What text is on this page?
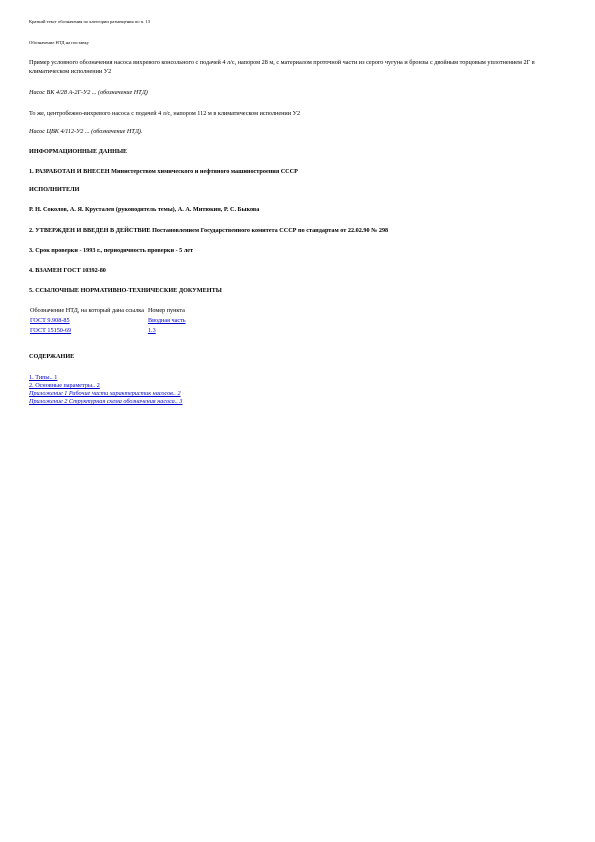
Краткий текст обозначения по категории размещения по п. 13
Обозначение НТД на поставку

Пример условного обозначения насоса вихревого консольного с подачей 4 л/с, напором 28 м, с материалом проточной части из серого чугуна и бронзы с двойным торцовым уплотнением 2Г в климатическом исполнении У2

Насос ВК 4/28 А-2Г-У2 ... (обозначение НТД)

То же, центробежно-вихревого насоса с подачей 4 л/с, напором 112 м в климатическом исполнении У2

Насос ЦВК 4/112-У2 ... (обозначение НТД).

ИНФОРМАЦИОННЫЕ ДАННЫЕ

1. РАЗРАБОТАН И ВНЕСЕН Министерством химического и нефтяного машиностроения СССР

ИСПОЛНИТЕЛИ

Р. Н. Соколов, А. Я. Крусталев (руководитель темы), А. А. Митюкин, Р. С. Быкова

2. УТВЕРЖДЕН И ВВЕДЕН В ДЕЙСТВИЕ Постановлением Государственного комитета СССР по стандартам от 22.02.90 № 298

3. Срок проверки - 1993 г., периодичность проверки - 5 лет

4. ВЗАМЕН ГОСТ 10392-80

5. ССЫЛОЧНЫЕ НОРМАТИВНО-ТЕХНИЧЕСКИЕ ДОКУМЕНТЫ

Обозначение НТД, на который дана ссылка	Номер пункта
ГОСТ 9.908-85	Вводная часть
ГОСТ 15150-69	1.3

СОДЕРЖАНИЕ

1. Типы.. 1
2. Основные параметры.. 2
Приложение 1 Рабочие части характеристик насосов.. 2
Приложение 2 Структурная схема обозначения насоса.. 3
